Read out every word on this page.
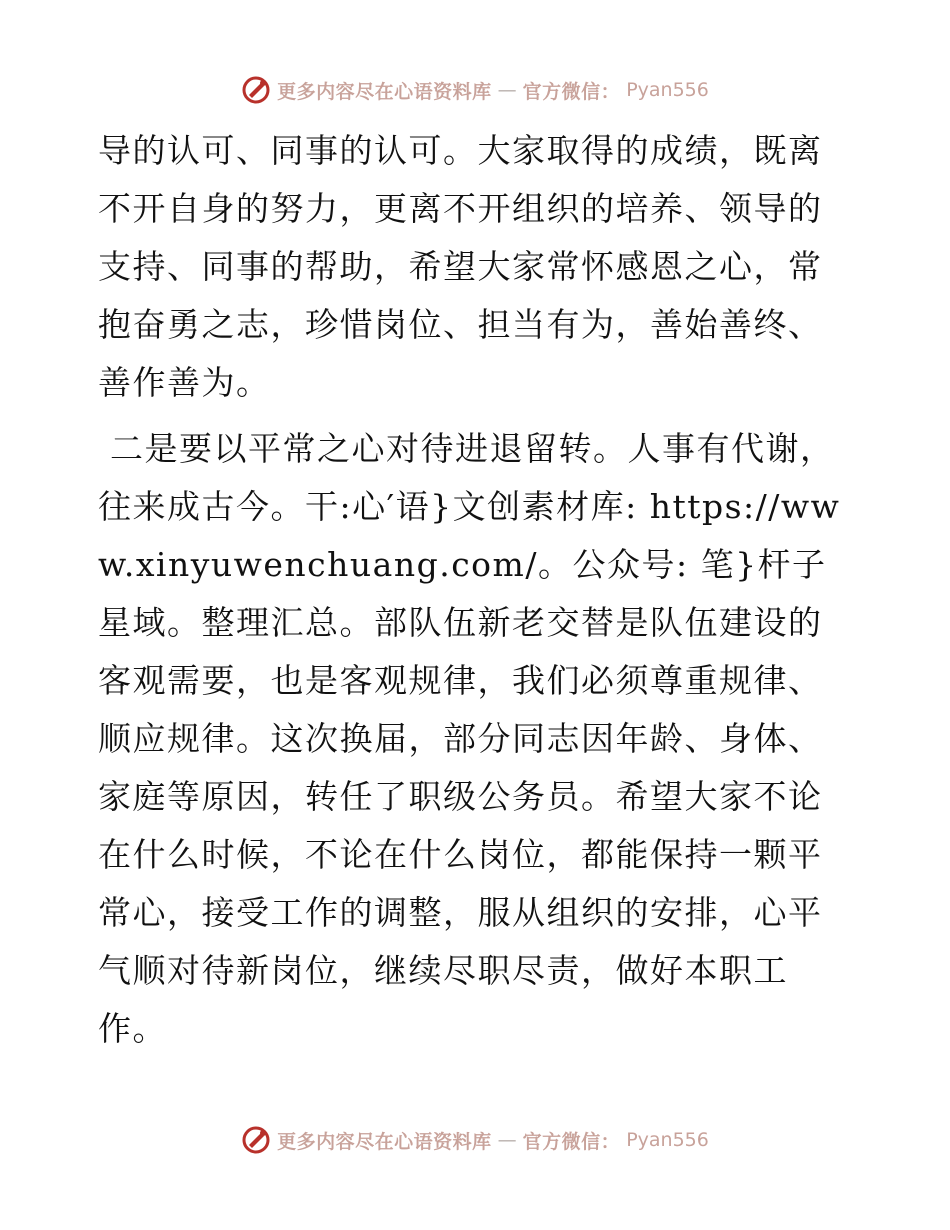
更多内容尽在心语资料库 — 官方微信： Pyan556

导的认可、同事的认可。大家取得的成绩，既离不开自身的努力，更离不开组织的培养、领导的支持、同事的帮助，希望大家常怀感恩之心，常抱奋勇之志，珍惜岗位、担当有为，善始善终、善作善为。

二是要以平常之心对待进退留转。人事有代谢，往来成古今。干:心′语}文创素材库: https://www.xinyuwenchuang.com/。公众号: 笔}杆子星域。整理汇总。部队伍新老交替是队伍建设的客观需要，也是客观规律，我们必须尊重规律、顺应规律。这次换届，部分同志因年龄、身体、家庭等原因，转任了职级公务员。希望大家不论在什么时候，不论在什么岗位，都能保持一颗平常心，接受工作的调整，服从组织的安排，心平气顺对待新岗位，继续尽职尽责，做好本职工作。

更多内容尽在心语资料库 — 官方微信： Pyan556
